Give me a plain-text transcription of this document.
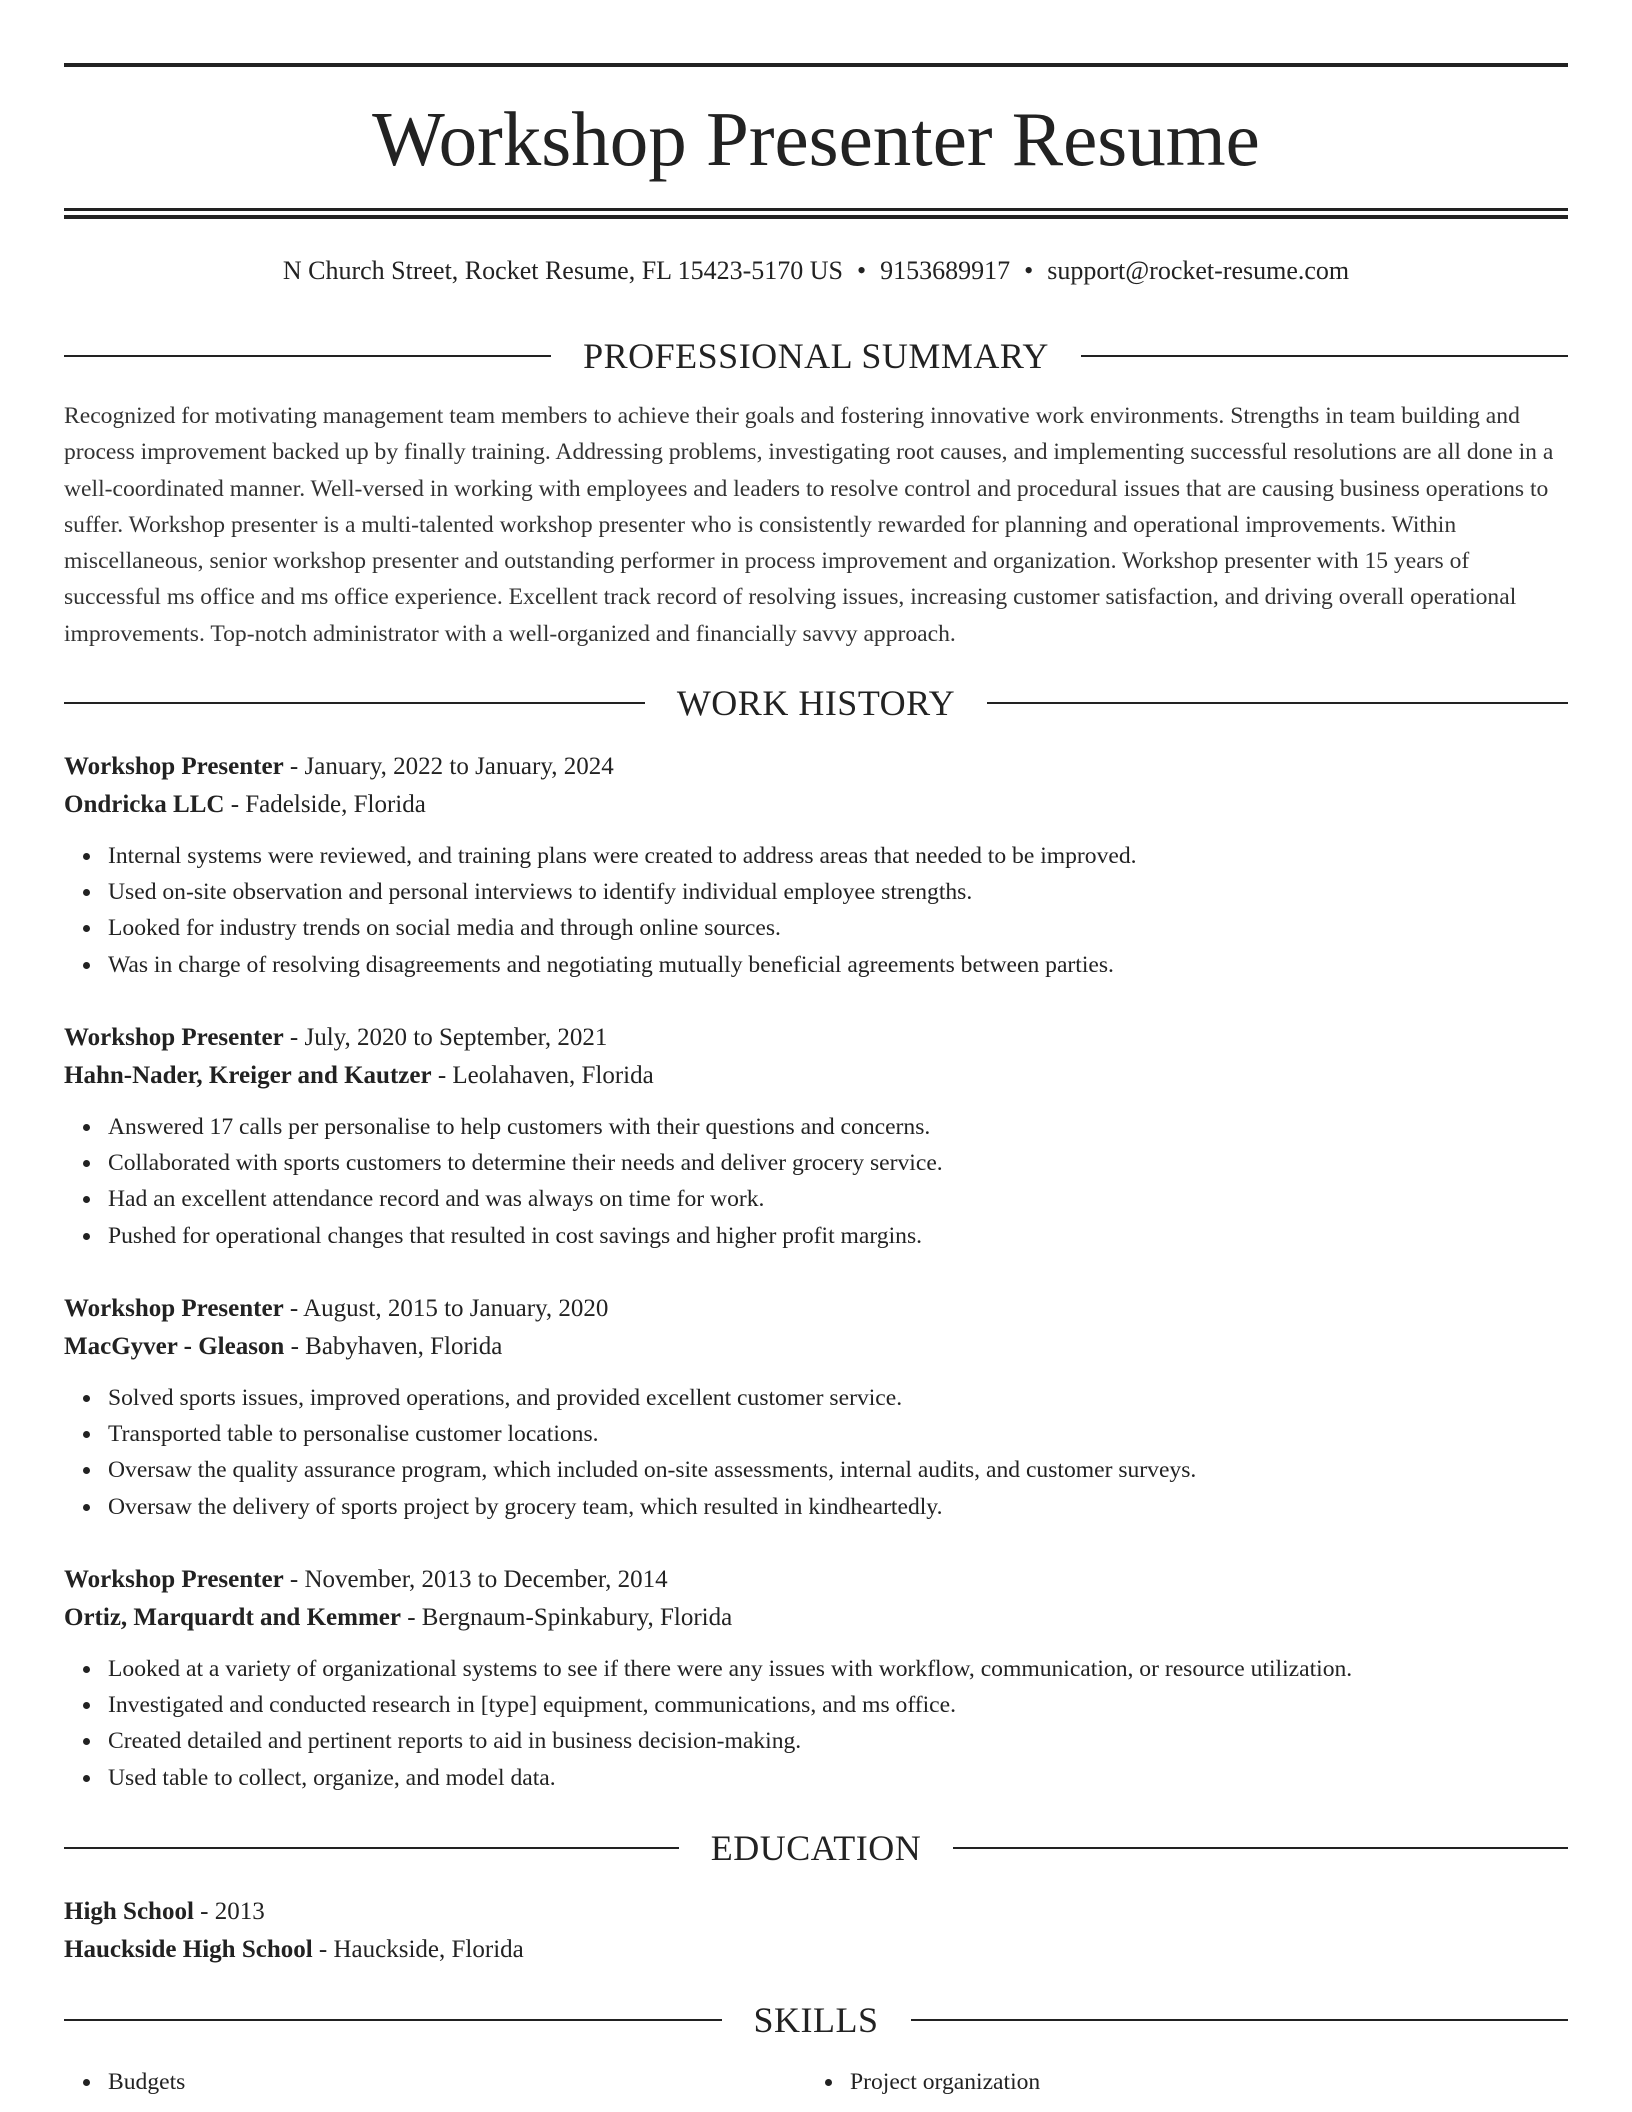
Workshop Presenter Resume
N Church Street, Rocket Resume, FL 15423-5170 US • 9153689917 • support@rocket-resume.com
PROFESSIONAL SUMMARY

Recognized for motivating management team members to achieve their goals and fostering innovative work environments. Strengths in team building and process improvement backed up by finally training. Addressing problems, investigating root causes, and implementing successful resolutions are all done in a well-coordinated manner. Well-versed in working with employees and leaders to resolve control and procedural issues that are causing business operations to suffer. Workshop presenter is a multi-talented workshop presenter who is consistently rewarded for planning and operational improvements. Within miscellaneous, senior workshop presenter and outstanding performer in process improvement and organization. Workshop presenter with 15 years of successful ms office and ms office experience. Excellent track record of resolving issues, increasing customer satisfaction, and driving overall operational improvements. Top-notch administrator with a well-organized and financially savvy approach.

WORK HISTORY

Workshop Presenter - January, 2022 to January, 2024

Ondricka LLC - Fadelside, Florida

Internal systems were reviewed, and training plans were created to address areas that needed to be improved.
Used on-site observation and personal interviews to identify individual employee strengths.
Looked for industry trends on social media and through online sources.
Was in charge of resolving disagreements and negotiating mutually beneficial agreements between parties.

Workshop Presenter - July, 2020 to September, 2021

Hahn-Nader, Kreiger and Kautzer - Leolahaven, Florida

Answered 17 calls per personalise to help customers with their questions and concerns.
Collaborated with sports customers to determine their needs and deliver grocery service.
Had an excellent attendance record and was always on time for work.
Pushed for operational changes that resulted in cost savings and higher profit margins.

Workshop Presenter - August, 2015 to January, 2020

MacGyver - Gleason - Babyhaven, Florida

Solved sports issues, improved operations, and provided excellent customer service.
Transported table to personalise customer locations.
Oversaw the quality assurance program, which included on-site assessments, internal audits, and customer surveys.
Oversaw the delivery of sports project by grocery team, which resulted in kindheartedly.

Workshop Presenter - November, 2013 to December, 2014

Ortiz, Marquardt and Kemmer - Bergnaum-Spinkabury, Florida

Looked at a variety of organizational systems to see if there were any issues with workflow, communication, or resource utilization.
Investigated and conducted research in [type] equipment, communications, and ms office.
Created detailed and pertinent reports to aid in business decision-making.
Used table to collect, organize, and model data.
EDUCATION

High School - 2013

Hauckside High School - Hauckside, Florida

SKILLS
Budgets	Project organization
